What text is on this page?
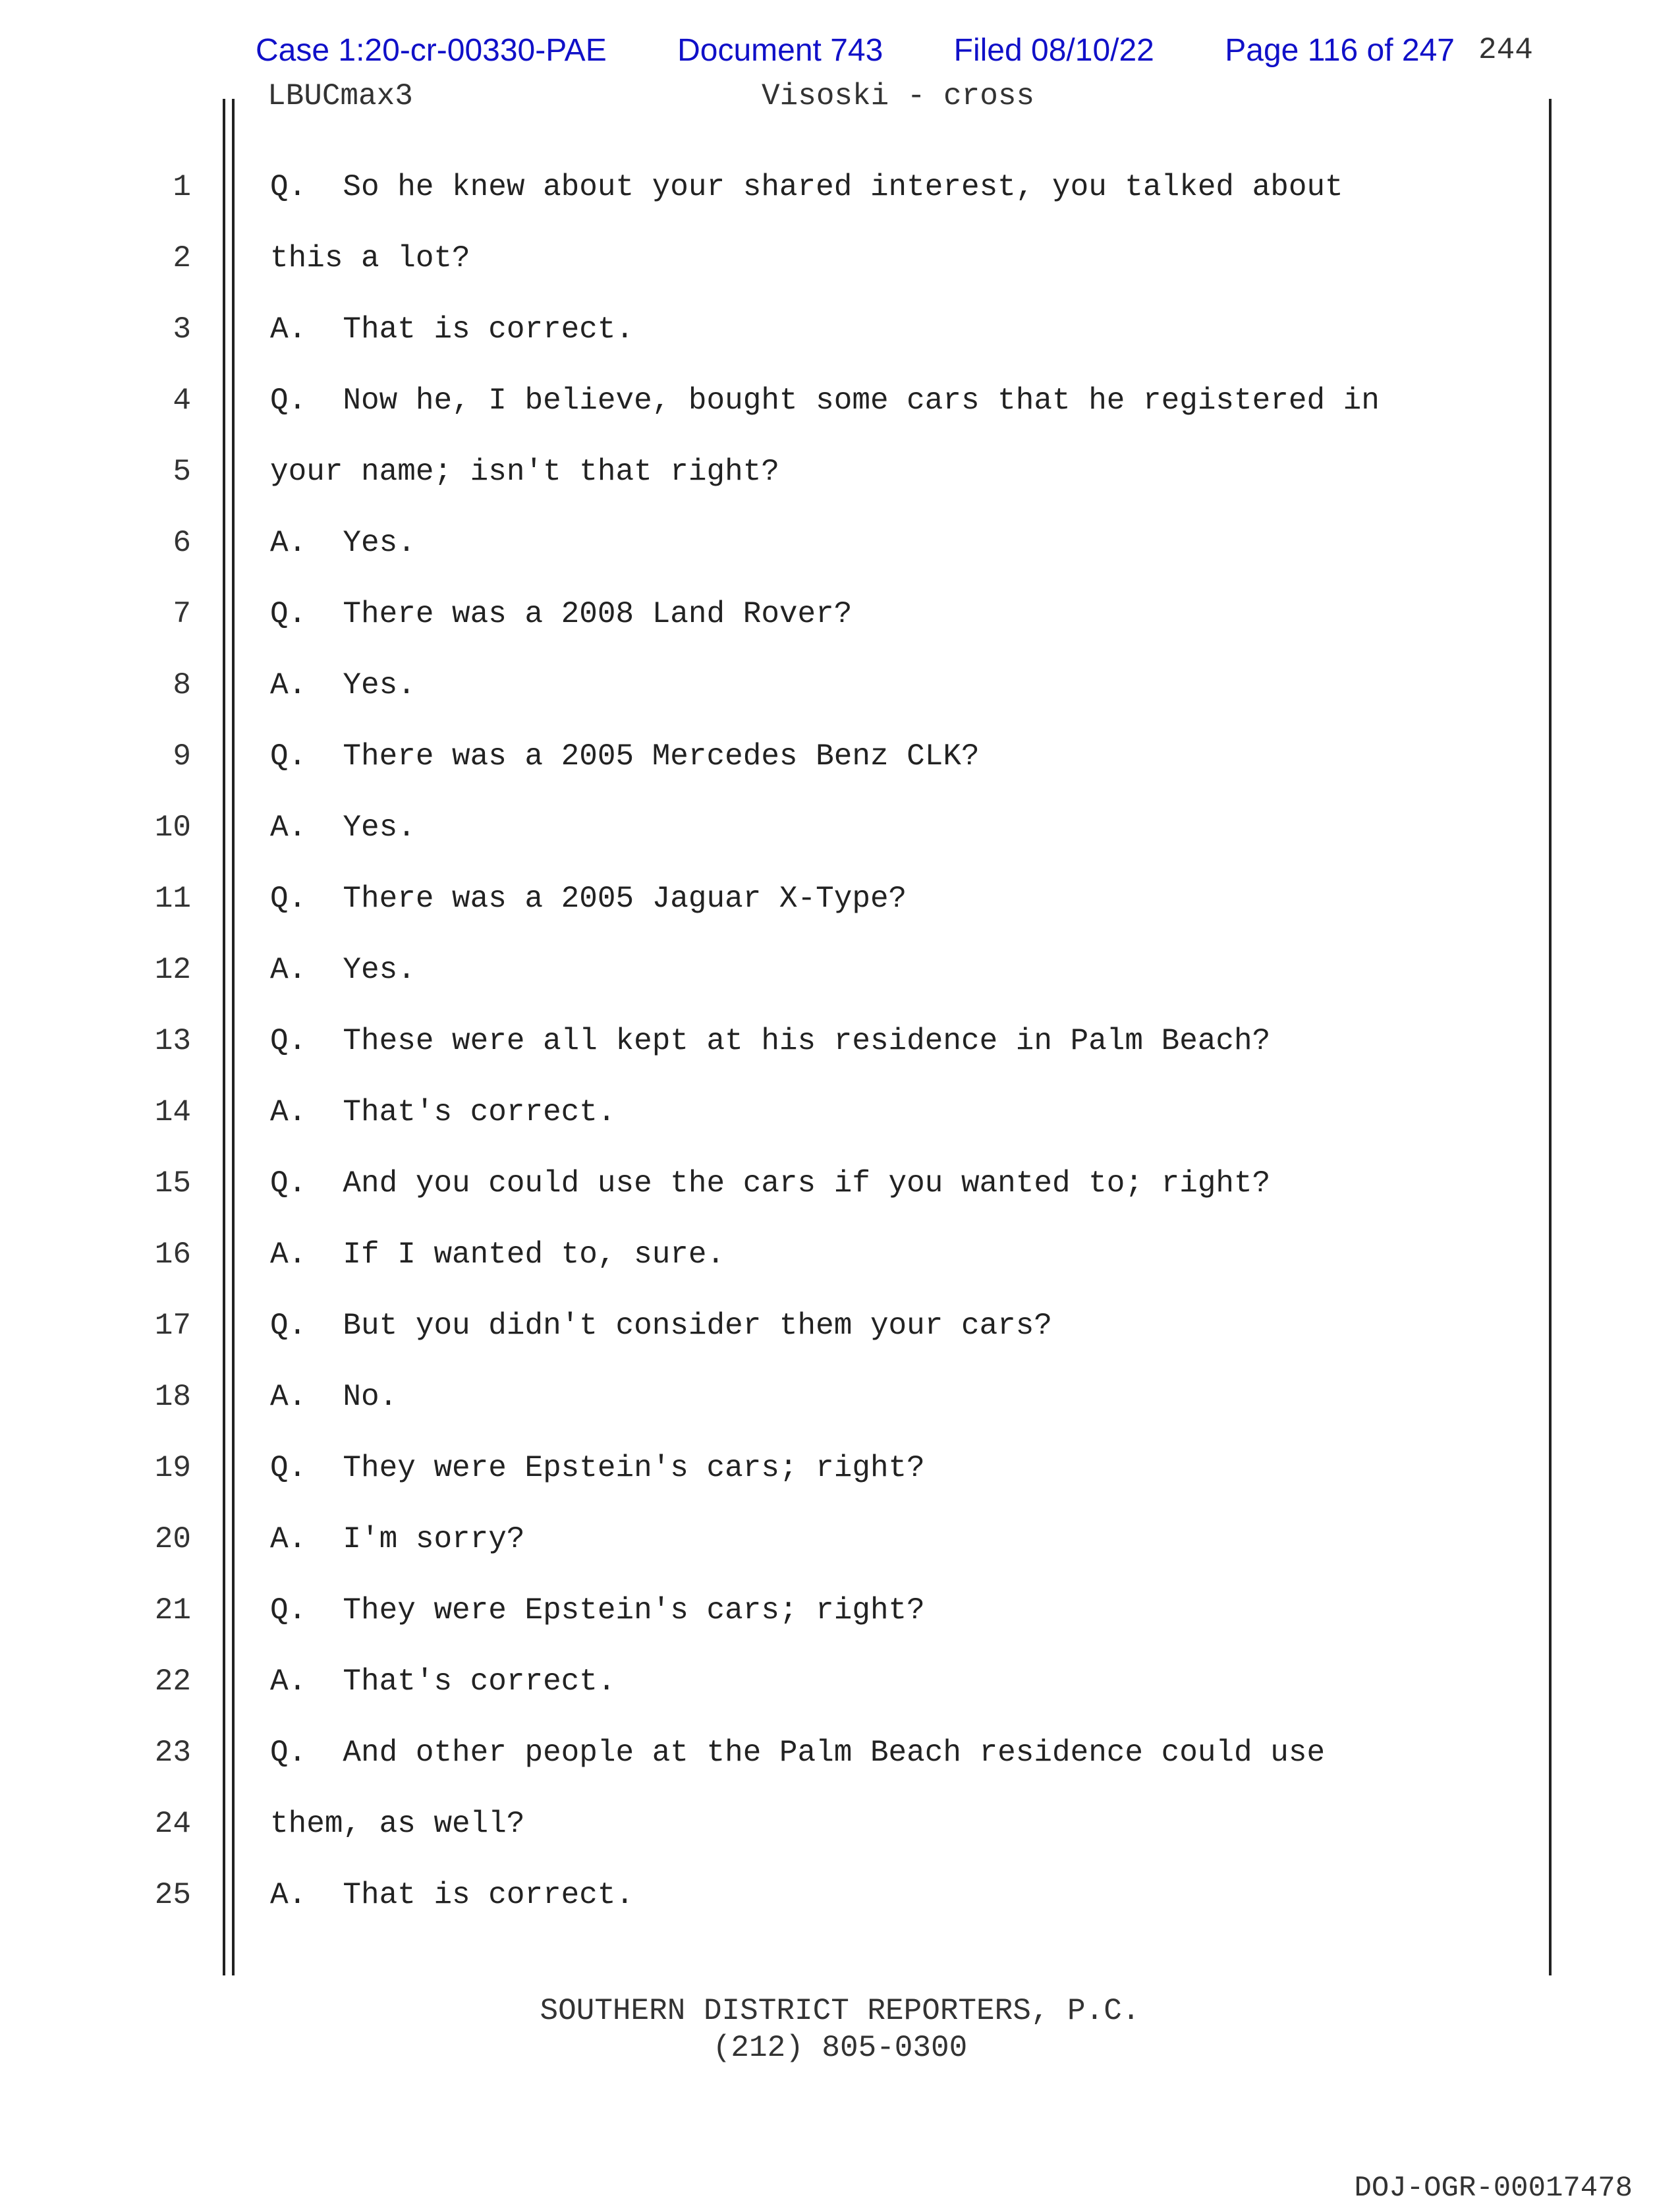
Case 1:20-cr-00330-PAE Document 743 Filed 08/10/22 Page 116 of 247 244
LBUCmax3	Visoski - cross
1	Q.  So he knew about your shared interest, you talked about
2	this a lot?
3	A.  That is correct.
4	Q.  Now he, I believe, bought some cars that he registered in
5	your name; isn't that right?
6	A.  Yes.
7	Q.  There was a 2008 Land Rover?
8	A.  Yes.
9	Q.  There was a 2005 Mercedes Benz CLK?
10	A.  Yes.
11	Q.  There was a 2005 Jaguar X-Type?
12	A.  Yes.
13	Q.  These were all kept at his residence in Palm Beach?
14	A.  That's correct.
15	Q.  And you could use the cars if you wanted to; right?
16	A.  If I wanted to, sure.
17	Q.  But you didn't consider them your cars?
18	A.  No.
19	Q.  They were Epstein's cars; right?
20	A.  I'm sorry?
21	Q.  They were Epstein's cars; right?
22	A.  That's correct.
23	Q.  And other people at the Palm Beach residence could use
24	them, as well?
25	A.  That is correct.
SOUTHERN DISTRICT REPORTERS, P.C.
(212) 805-0300
DOJ-OGR-00017478
